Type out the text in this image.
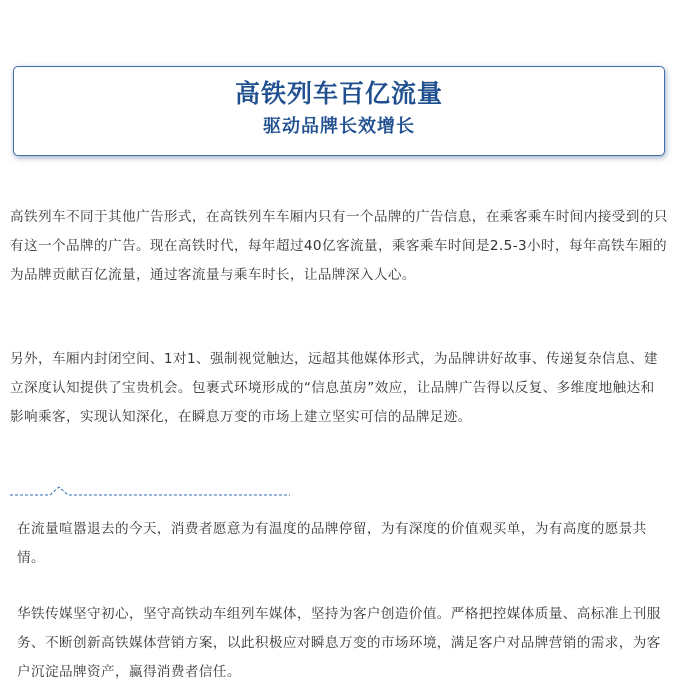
高铁列车百亿流量
驱动品牌长效增长

高铁列车不同于其他广告形式，在高铁列车车厢内只有一个品牌的广告信息，在乘客乘车时间内接受到的只有这一个品牌的广告。现在高铁时代，每年超过40亿客流量，乘客乘车时间是2.5-3小时，每年高铁车厢的为品牌贡献百亿流量，通过客流量与乘车时长，让品牌深入人心。

另外，车厢内封闭空间、1对1、强制视觉触达，远超其他媒体形式，为品牌讲好故事、传递复杂信息、建立深度认知提供了宝贵机会。包裹式环境形成的“信息茧房”效应，让品牌广告得以反复、多维度地触达和影响乘客，实现认知深化，在瞬息万变的市场上建立坚实可信的品牌足迹。

在流量喧嚣退去的今天，消费者愿意为有温度的品牌停留，为有深度的价值观买单，为有高度的愿景共情。

华铁传媒坚守初心，坚守高铁动车组列车媒体，坚持为客户创造价值。严格把控媒体质量、高标准上刊服务、不断创新高铁媒体营销方案，以此积极应对瞬息万变的市场环境，满足客户对品牌营销的需求，为客户沉淀品牌资产，赢得消费者信任。
